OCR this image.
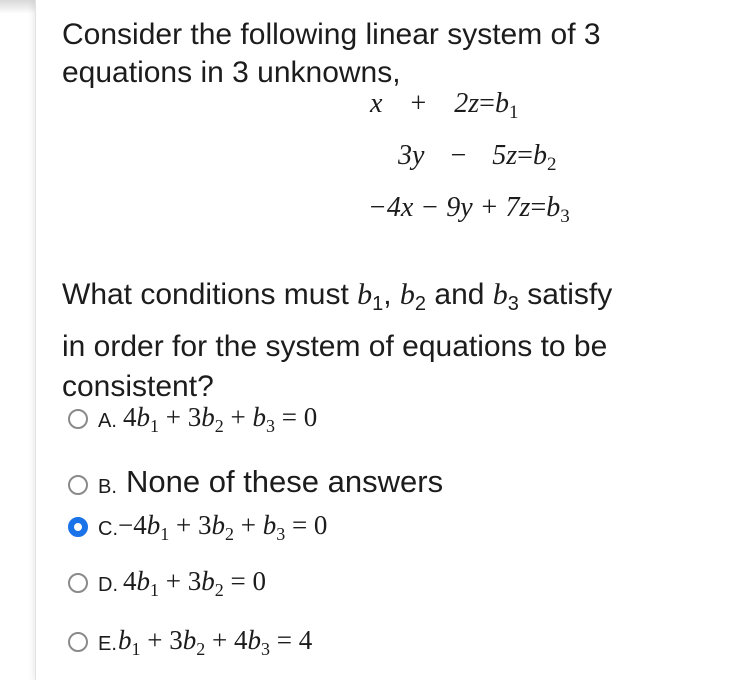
Consider the following linear system of 3
equations in 3 unknowns,
$x + 2z=b_1$
$3y - 5z=b_2$
$-4x - 9y + 7z=b_3$
What conditions must $b_1$, $b_2$ and $b_3$ satisfy
in order for the system of equations to be
consistent?
A. $4b_1 + 3b_2 + b_3 = 0$
B. None of these answers
C. $-4b_1 + 3b_2 + b_3 = 0$
D. $4b_1 + 3b_2 = 0$
E. $b_1 + 3b_2 + 4b_3 = 4$
